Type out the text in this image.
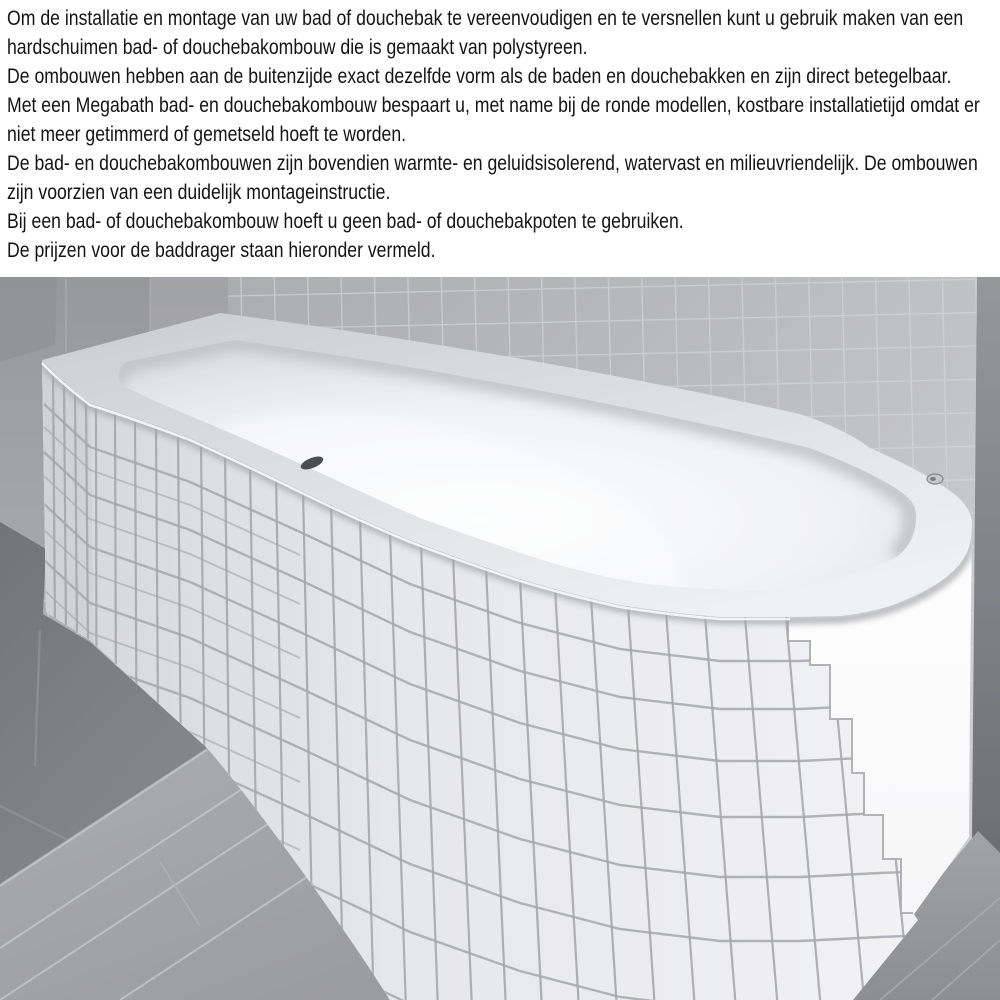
Om de installatie en montage van uw bad of douchebak te vereenvoudigen en te versnellen kunt u gebruik maken van een
hardschuimen bad- of douchebakombouw die is gemaakt van polystyreen.
De ombouwen hebben aan de buitenzijde exact dezelfde vorm als de baden en douchebakken en zijn direct betegelbaar.
Met een Megabath bad- en douchebakombouw bespaart u, met name bij de ronde modellen, kostbare installatietijd omdat er
niet meer getimmerd of gemetseld hoeft te worden.
De bad- en douchebakombouwen zijn bovendien warmte- en geluidsisolerend, watervast en milieuvriendelijk. De ombouwen
zijn voorzien van een duidelijk montageinstructie.
Bij een bad- of douchebakombouw hoeft u geen bad- of douchebakpoten te gebruiken.
De prijzen voor de baddrager staan hieronder vermeld.
